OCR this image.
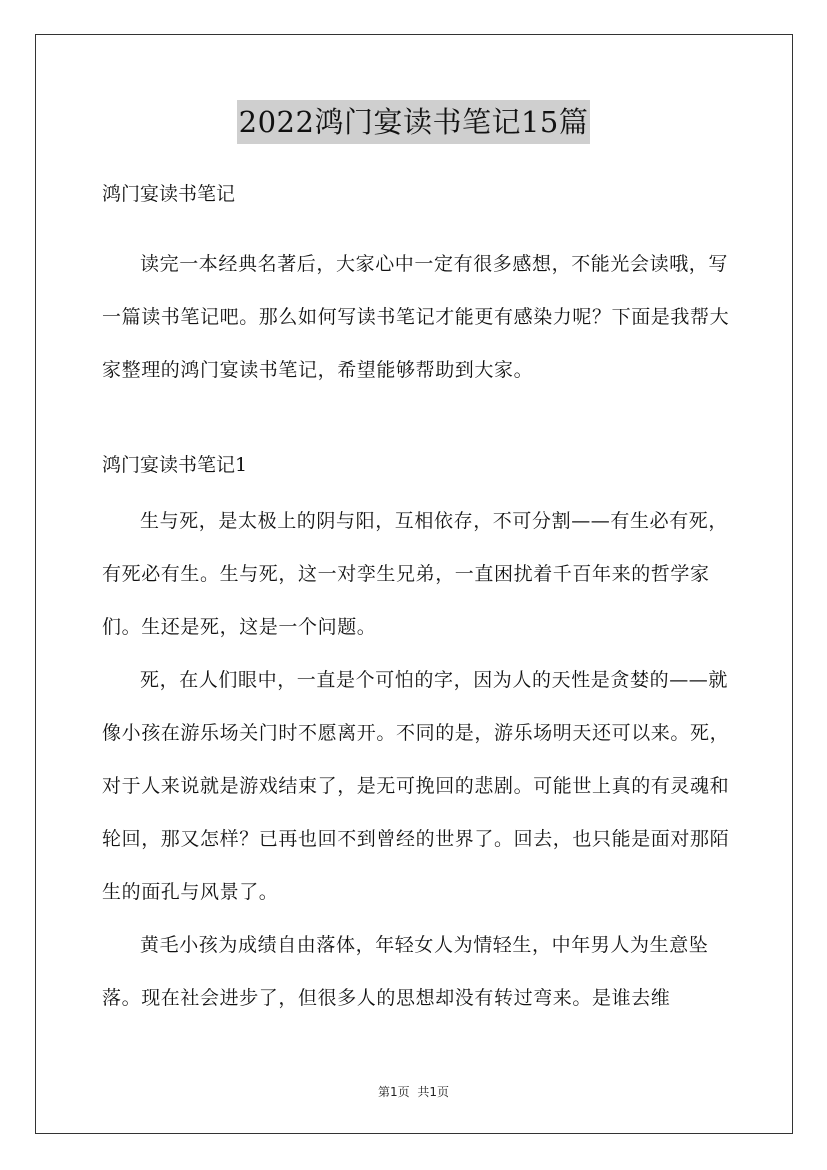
2022鸿门宴读书笔记15篇

鸿门宴读书笔记

读完一本经典名著后，大家心中一定有很多感想，不能光会读哦，写一篇读书笔记吧。那么如何写读书笔记才能更有感染力呢？下面是我帮大家整理的鸿门宴读书笔记，希望能够帮助到大家。

鸿门宴读书笔记1

生与死，是太极上的阴与阳，互相依存，不可分割——有生必有死，有死必有生。生与死，这一对孪生兄弟，一直困扰着千百年来的哲学家们。生还是死，这是一个问题。

死，在人们眼中，一直是个可怕的字，因为人的天性是贪婪的——就像小孩在游乐场关门时不愿离开。不同的是，游乐场明天还可以来。死，对于人来说就是游戏结束了，是无可挽回的悲剧。可能世上真的有灵魂和轮回，那又怎样？已再也回不到曾经的世界了。回去，也只能是面对那陌生的面孔与风景了。

黄毛小孩为成绩自由落体，年轻女人为情轻生，中年男人为生意坠落。现在社会进步了，但很多人的思想却没有转过弯来。是谁去维

第1页 共1页
